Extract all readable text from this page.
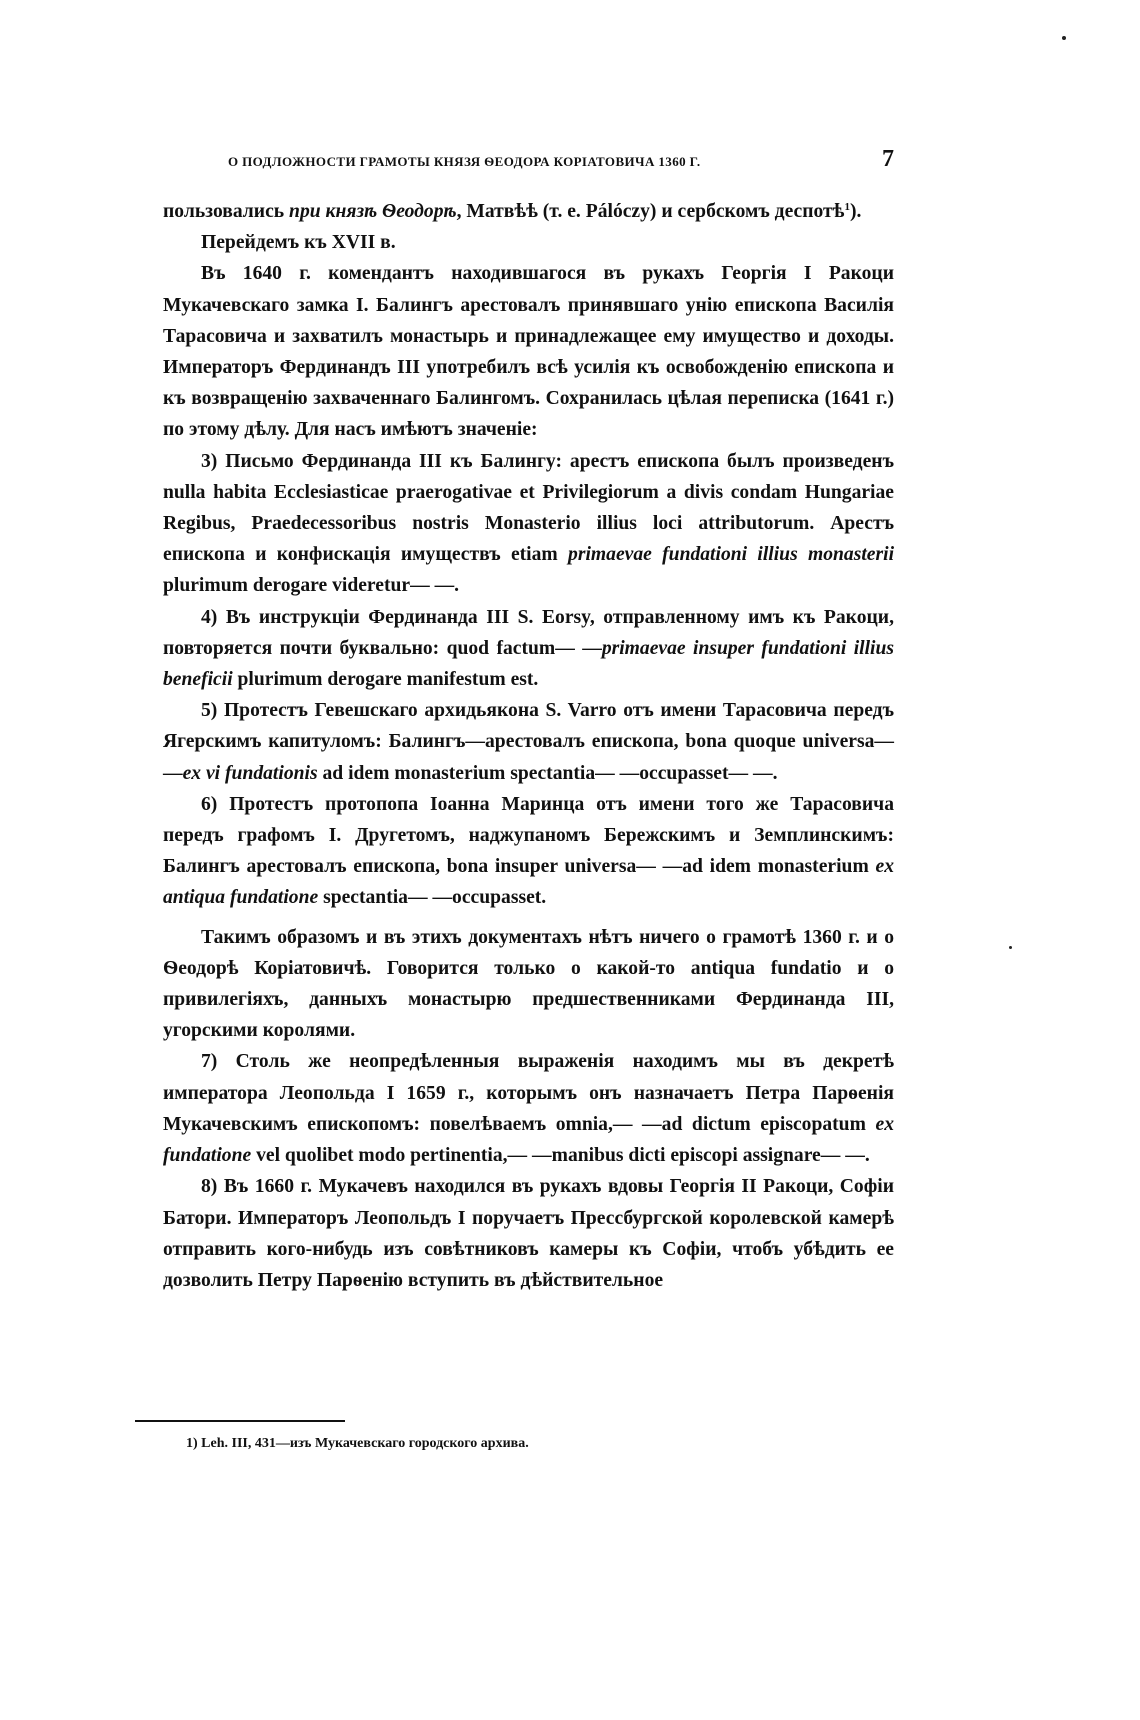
О ПОДЛОЖНОСТИ ГРАМОТЫ КНЯЗЯ ѲЕОДОРА КОРІАТОВИЧА 1360 Г.	7

пользовались при князѣ Ѳеодорѣ, Матвѣѣ (т. е. Pálóczy) и сербскомъ деспотѣ$^1$).

Перейдемъ къ XVII в.

Въ 1640 г. комендантъ находившагося въ рукахъ Георгія I Ракоци Мукачевскаго замка I. Балингъ арестовалъ принявшаго унію епископа Василія Тарасовича и захватилъ монастырь и принадлежащее ему имущество и доходы. Императоръ Фердинандъ III употребилъ всѣ усилія къ освобожденію епископа и къ возвращенію захваченнаго Балингомъ. Сохранилась цѣлая переписка (1641 г.) по этому дѣлу. Для насъ имѣютъ значеніе:

3) Письмо Фердинанда III къ Балингу: арестъ епископа былъ произведенъ nulla habita Ecclesiasticae praerogativae et Privilegiorum a divis condam Hungariae Regibus, Praedecessoribus nostris Monasterio illius loci attributorum. Арестъ епископа и конфискація имуществъ etiam primaevae fundationi illius monasterii plurimum derogare videretur— —.

4) Въ инструкціи Фердинанда III S. Eorsy, отправленному имъ къ Ракоци, повторяется почти буквально: quod factum— —primaevae insuper fundationi illius beneficii plurimum derogare manifestum est.

5) Протестъ Гевешскаго архидьякона S. Varro отъ имени Тарасовича передъ Ягерскимъ капитуломъ: Балингъ—арестовалъ епископа, bona quoque universa— —ex vi fundationis ad idem monasterium spectantia— —occupasset— —.

6) Протестъ протопопа Іоанна Маринца отъ имени того же Тарасовича передъ графомъ I. Другетомъ, наджупаномъ Бережскимъ и Земплинскимъ: Балингъ арестовалъ епископа, bona insuper universa— —ad idem monasterium ex antiqua fundatione spectantia— —occupasset.

Такимъ образомъ и въ этихъ документахъ нѣтъ ничего о грамотѣ 1360 г. и о Ѳеодорѣ Коріатовичѣ. Говорится только о какой-то antiqua fundatio и о привилегіяхъ, данныхъ монастырю предшественниками Фердинанда III, угорскими королями.

7) Столь же неопредѣленныя выраженія находимъ мы въ декретѣ императора Леопольда I 1659 г., которымъ онъ назначаетъ Петра Парѳенія Мукачевскимъ епископомъ: повелѣваемъ omnia,— —ad dictum episcopatum ex fundatione vel quolibet modo pertinentia,— —manibus dicti episcopi assignare— —.

8) Въ 1660 г. Мукачевъ находился въ рукахъ вдовы Георгія II Ракоци, Софіи Батори. Императоръ Леопольдъ I поручаетъ Прессбургской королевской камерѣ отправить кого-нибудь изъ совѣтниковъ камеры къ Софіи, чтобъ убѣдить ее дозволить Петру Парѳенію вступить въ дѣйствительное

1) Leh. III, 431—изъ Мукачевскаго городского архива.
